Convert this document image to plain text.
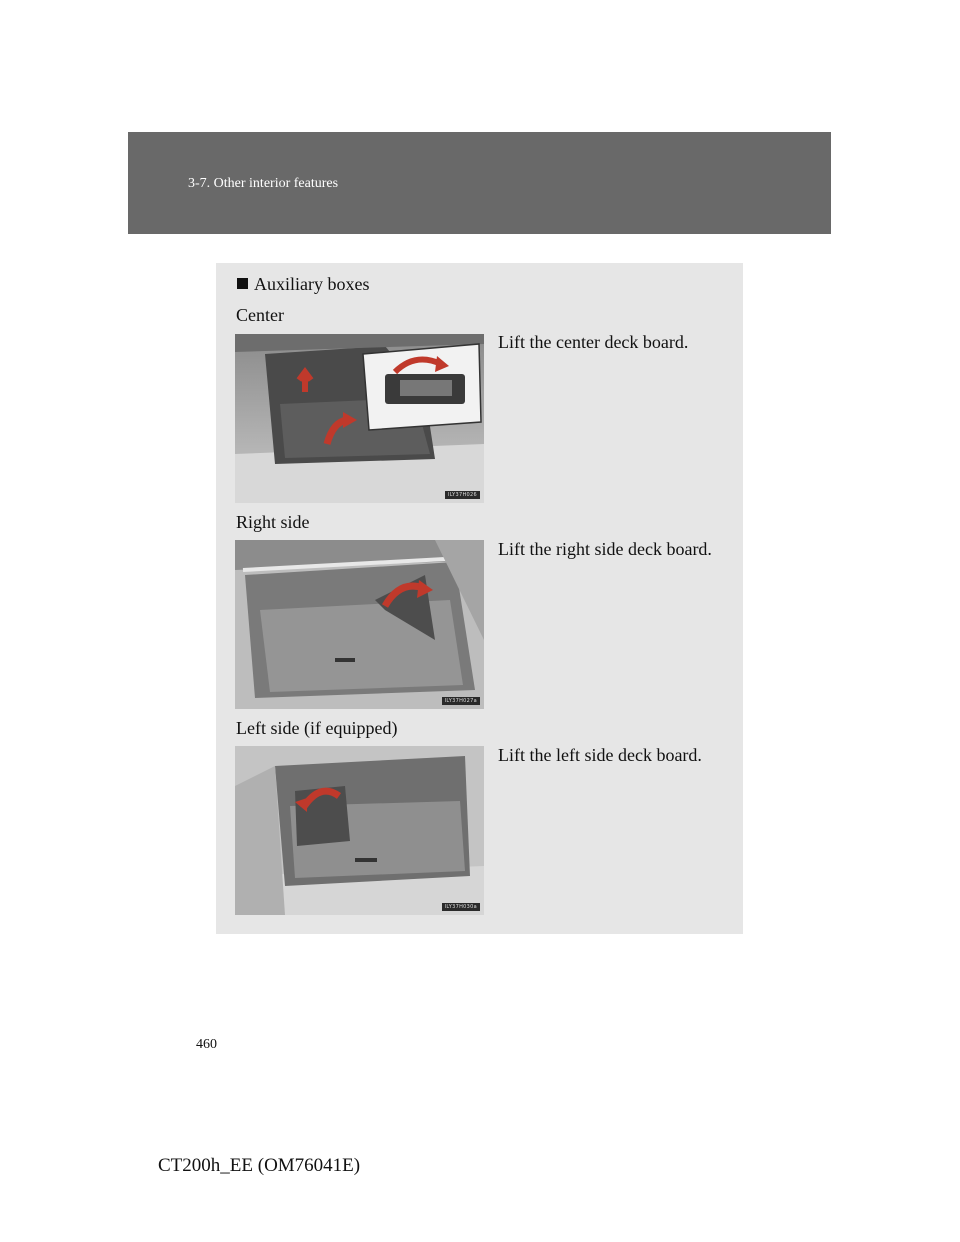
3-7. Other interior features
Auxiliary boxes
Center
Lift the center deck board.
ILY37H026
Right side
Lift the right side deck board.
ILY37H027a
Left side (if equipped)
Lift the left side deck board.
ILY37H030a
460
CT200h_EE (OM76041E)
